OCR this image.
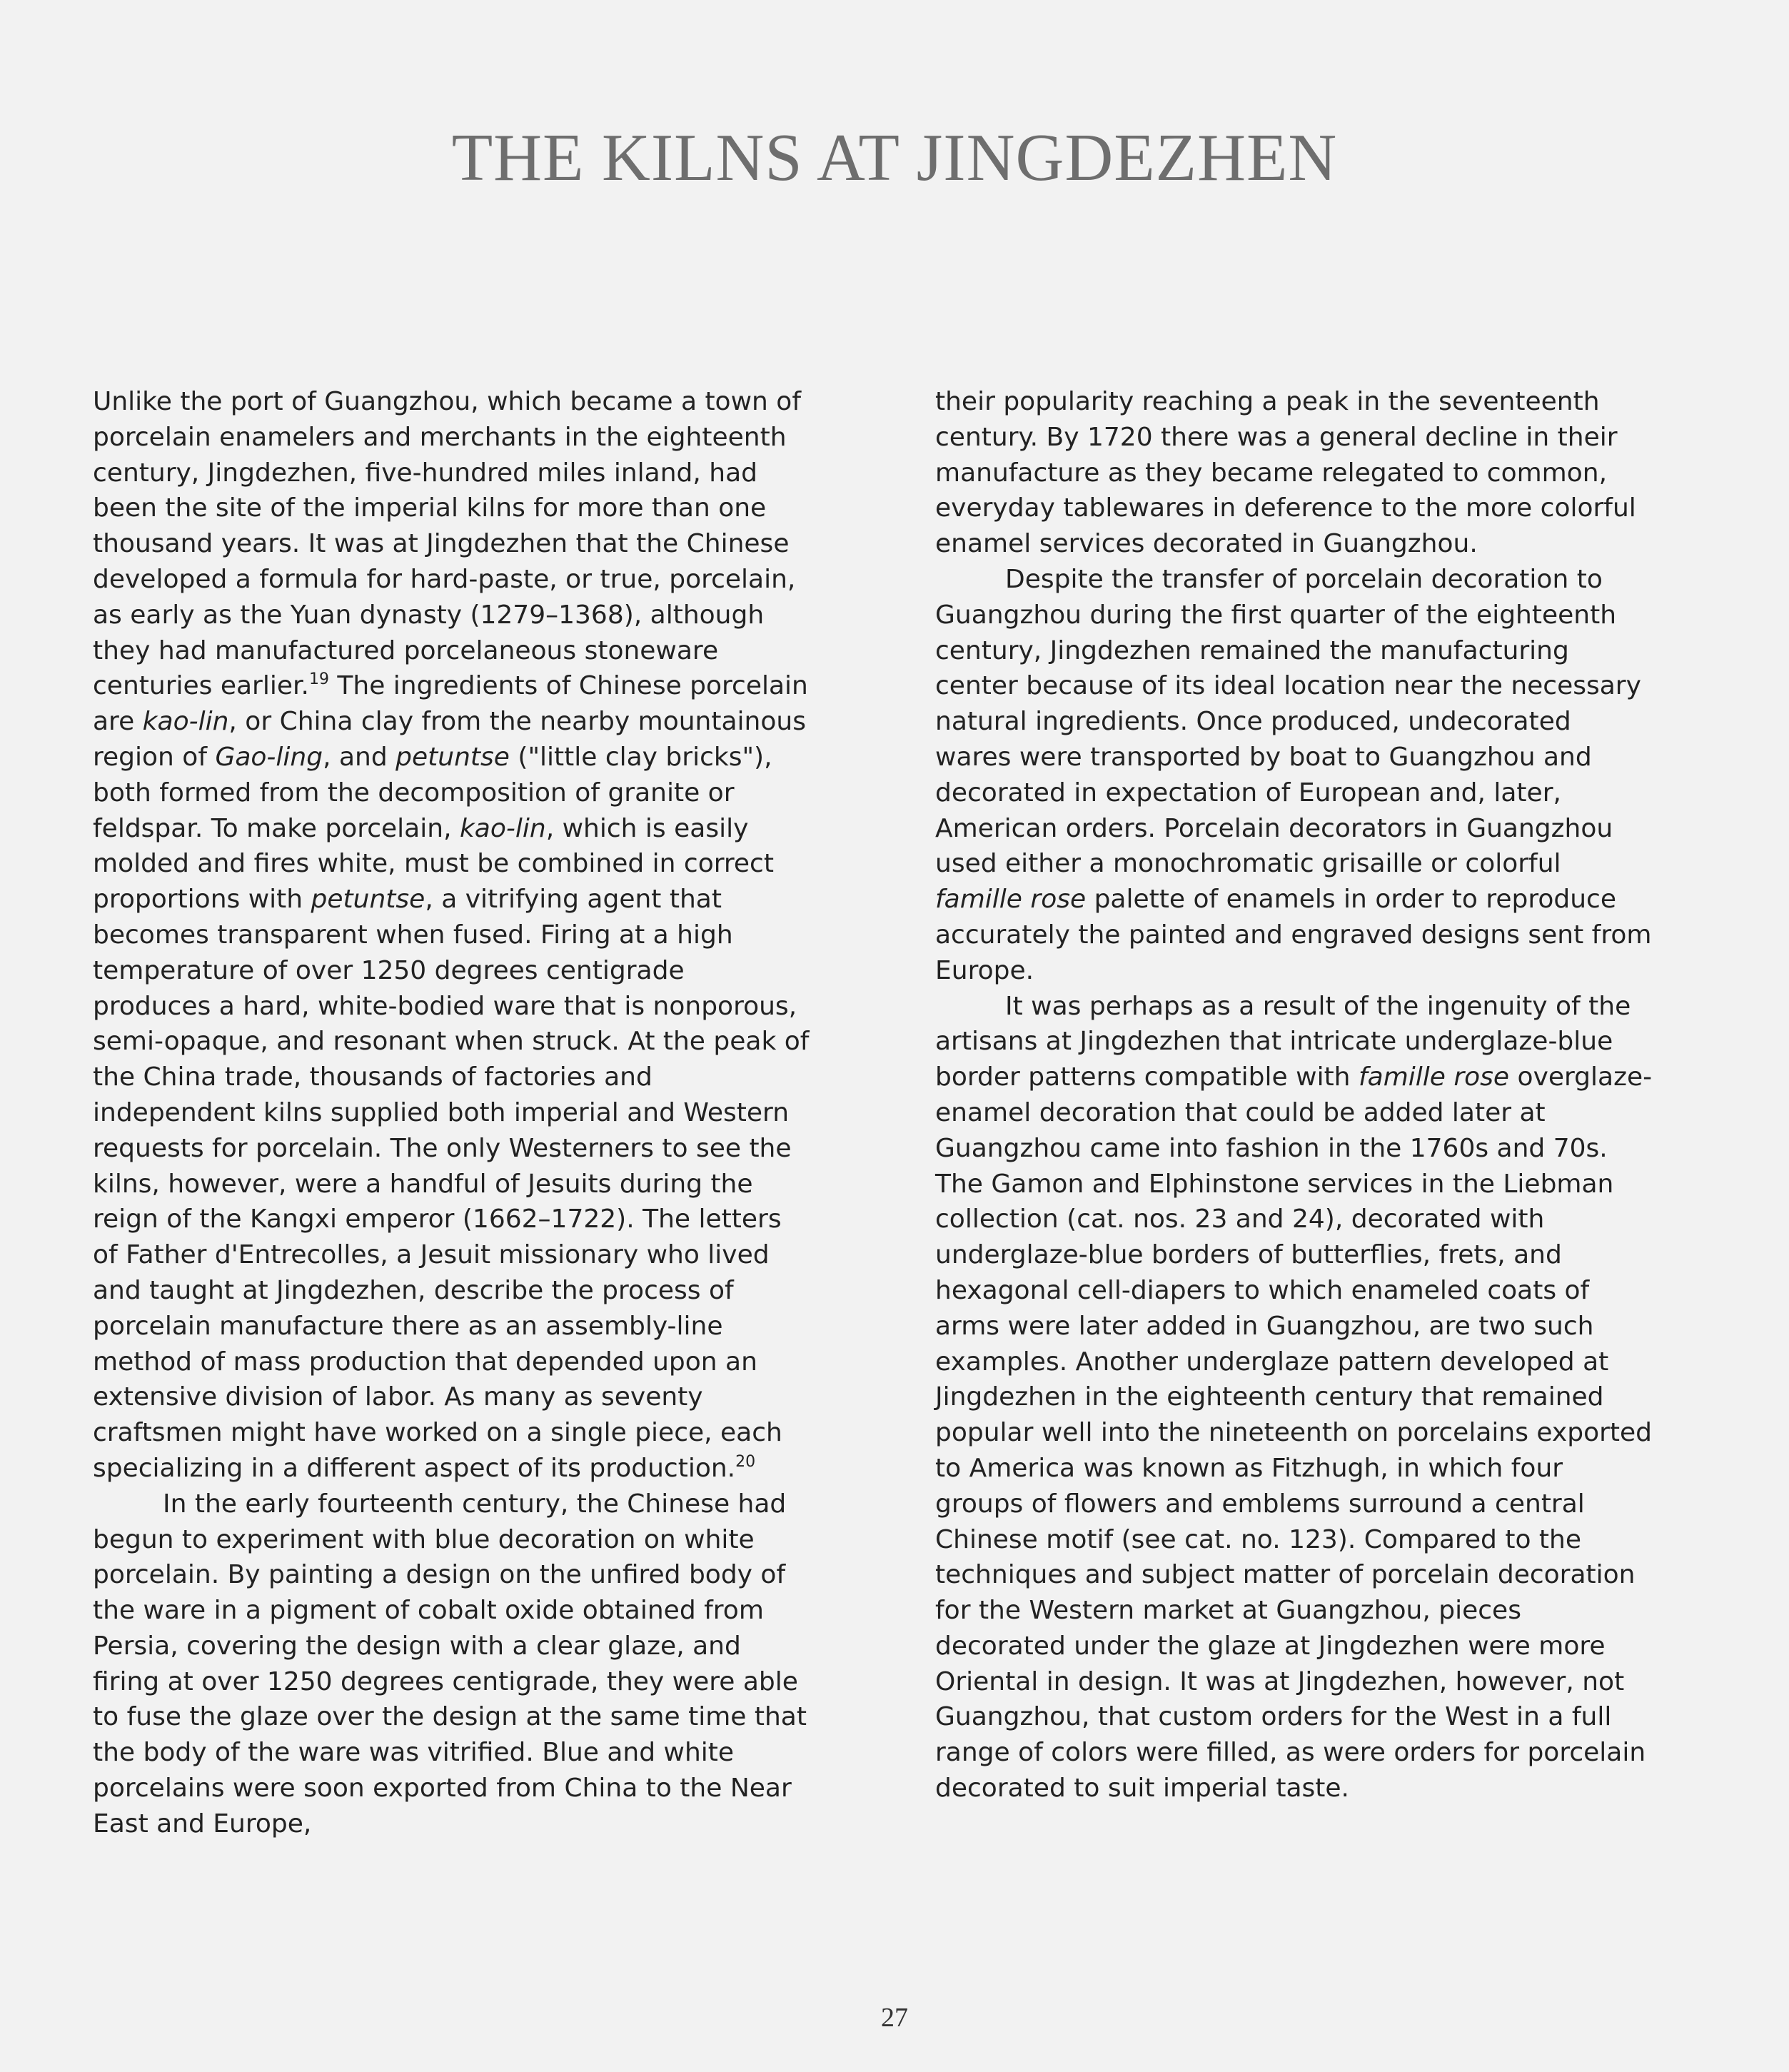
THE KILNS AT JINGDEZHEN

Unlike the port of Guangzhou, which became a town of porcelain enamelers and merchants in the eighteenth century, Jingdezhen, five-hundred miles inland, had been the site of the imperial kilns for more than one thousand years. It was at Jingdezhen that the Chinese developed a formula for hard-paste, or true, porcelain, as early as the Yuan dynasty (1279–1368), although they had manufactured porcelaneous stoneware centuries earlier.$^{19}$ The ingredients of Chinese porcelain are kao-lin, or China clay from the nearby mountainous region of Gao-ling, and petuntse ("little clay bricks"), both formed from the decomposition of granite or feldspar. To make porcelain, kao-lin, which is easily molded and fires white, must be combined in correct proportions with petuntse, a vitrifying agent that becomes transparent when fused. Firing at a high temperature of over 1250 degrees centigrade produces a hard, white-bodied ware that is nonporous, semi-opaque, and resonant when struck. At the peak of the China trade, thousands of factories and independent kilns supplied both imperial and Western requests for porcelain. The only Westerners to see the kilns, however, were a handful of Jesuits during the reign of the Kangxi emperor (1662–1722). The letters of Father d'Entrecolles, a Jesuit missionary who lived and taught at Jingdezhen, describe the process of porcelain manufacture there as an assembly-line method of mass production that depended upon an extensive division of labor. As many as seventy craftsmen might have worked on a single piece, each specializing in a different aspect of its production.$^{20}$

In the early fourteenth century, the Chinese had begun to experiment with blue decoration on white porcelain. By painting a design on the unfired body of the ware in a pigment of cobalt oxide obtained from Persia, covering the design with a clear glaze, and firing at over 1250 degrees centigrade, they were able to fuse the glaze over the design at the same time that the body of the ware was vitrified. Blue and white porcelains were soon exported from China to the Near East and Europe,

their popularity reaching a peak in the seventeenth century. By 1720 there was a general decline in their manufacture as they became relegated to common, everyday tablewares in deference to the more colorful enamel services decorated in Guangzhou.

Despite the transfer of porcelain decoration to Guangzhou during the first quarter of the eighteenth century, Jingdezhen remained the manufacturing center because of its ideal location near the necessary natural ingredients. Once produced, undecorated wares were transported by boat to Guangzhou and decorated in expectation of European and, later, American orders. Porcelain decorators in Guangzhou used either a monochromatic grisaille or colorful famille rose palette of enamels in order to reproduce accurately the painted and engraved designs sent from Europe.

It was perhaps as a result of the ingenuity of the artisans at Jingdezhen that intricate underglaze-blue border patterns compatible with famille rose overglaze-enamel decoration that could be added later at Guangzhou came into fashion in the 1760s and 70s. The Gamon and Elphinstone services in the Liebman collection (cat. nos. 23 and 24), decorated with underglaze-blue borders of butterflies, frets, and hexagonal cell-diapers to which enameled coats of arms were later added in Guangzhou, are two such examples. Another underglaze pattern developed at Jingdezhen in the eighteenth century that remained popular well into the nineteenth on porcelains exported to America was known as Fitzhugh, in which four groups of flowers and emblems surround a central Chinese motif (see cat. no. 123). Compared to the techniques and subject matter of porcelain decoration for the Western market at Guangzhou, pieces decorated under the glaze at Jingdezhen were more Oriental in design. It was at Jingdezhen, however, not Guangzhou, that custom orders for the West in a full range of colors were filled, as were orders for porcelain decorated to suit imperial taste.

27
